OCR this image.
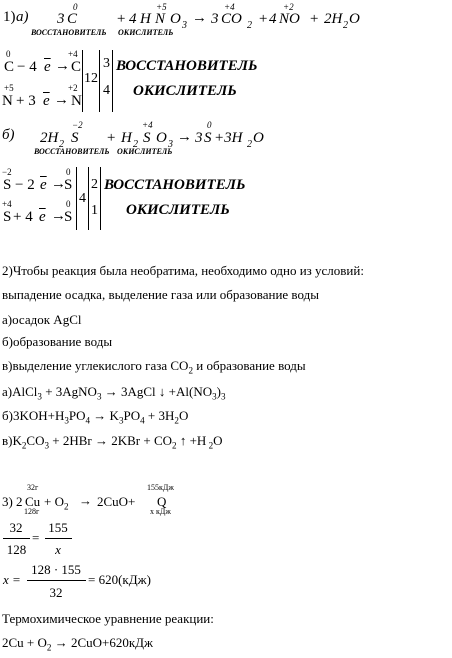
1) а) 3
0
C	+ 4 H
+5
N O 3 → 3
+4
CO 2 + 4
+2
NO + 2H 2 O
ВОССТАНОВИТЕЛЬ ОКИСЛИТЕЛЬ
0
C − 4 $\overline{e}$ →
+4
C
+5
N + 3 $\overline{e}$ →
+2
N
12
3
4
ВОССТАНОВИТЕЛЬ
ОКИСЛИТЕЛЬ
б) 2H 2
−2
S + H 2
+4
S O 3 → 3
0
S +3H 2 O
ВОССТАНОВИТЕЛЬ ОКИСЛИТЕЛЬ
−2
S − 2 $\overline{e}$ →
0
S
+4
S + 4 $\overline{e}$ →
0
S
4
2
1
ВОССТАНОВИТЕЛЬ
ОКИСЛИТЕЛЬ
2)Чтобы реакция была необратима, необходимо одно из условий:
выпадение осадка, выделение газа или образование воды
а)осадок AgCl
б)образование воды
в)выделение углекислого газа $CO_2$ и образование воды
а)AlCl$_3$ + 3AgNO$_3$ → 3AgCl ↓ $+Al(NO_3)_3$
$б)3KOH+H_3PO_4 \to K_3PO_4 + 3H_2O$
$в)K_2CO_3 + 2HBr \to 2KBr + CO_2$ ↑ +H $_2$O
3) 2
32г
Cu
128г
+ $O_2 \to 2CuO+$
155кДж
Q
x кДж
32
128
=
155
x
x =
128 · 155
32
= 620(кДж)
Термохимическое уравнение реакции:
$2Cu + O_2 \to 2CuO+620кДж$
